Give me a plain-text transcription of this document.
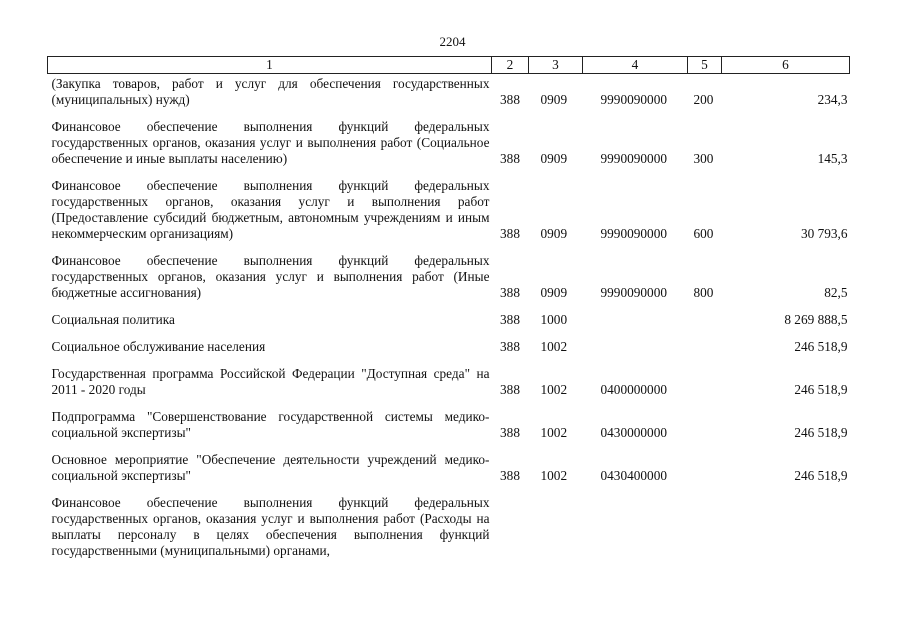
2204
1	2	3	4	5	6
(Закупка товаров, работ и услуг для обеспечения государственных (муниципальных) нужд)	388	0909	9990090000	200	234,3
Финансовое обеспечение выполнения функций федеральных государственных органов, оказания услуг и выполнения работ (Социальное обеспечение и иные выплаты населению)	388	0909	9990090000	300	145,3
Финансовое обеспечение выполнения функций федеральных государственных органов, оказания услуг и выполнения работ (Предоставление субсидий бюджетным, автономным учреждениям и иным некоммерческим организациям)	388	0909	9990090000	600	30 793,6
Финансовое обеспечение выполнения функций федеральных государственных органов, оказания услуг и выполнения работ (Иные бюджетные ассигнования)	388	0909	9990090000	800	82,5
Социальная политика	388	1000			8 269 888,5
Социальное обслуживание населения	388	1002			246 518,9
Государственная программа Российской Федерации "Доступная среда" на 2011 - 2020 годы	388	1002	0400000000		246 518,9
Подпрограмма "Совершенствование государственной системы медико-социальной экспертизы"	388	1002	0430000000		246 518,9
Основное мероприятие "Обеспечение деятельности учреждений медико-социальной экспертизы"	388	1002	0430400000		246 518,9
Финансовое обеспечение выполнения функций федеральных государственных органов, оказания услуг и выполнения работ (Расходы на выплаты персоналу в целях обеспечения выполнения функций государственными (муниципальными) органами,					
